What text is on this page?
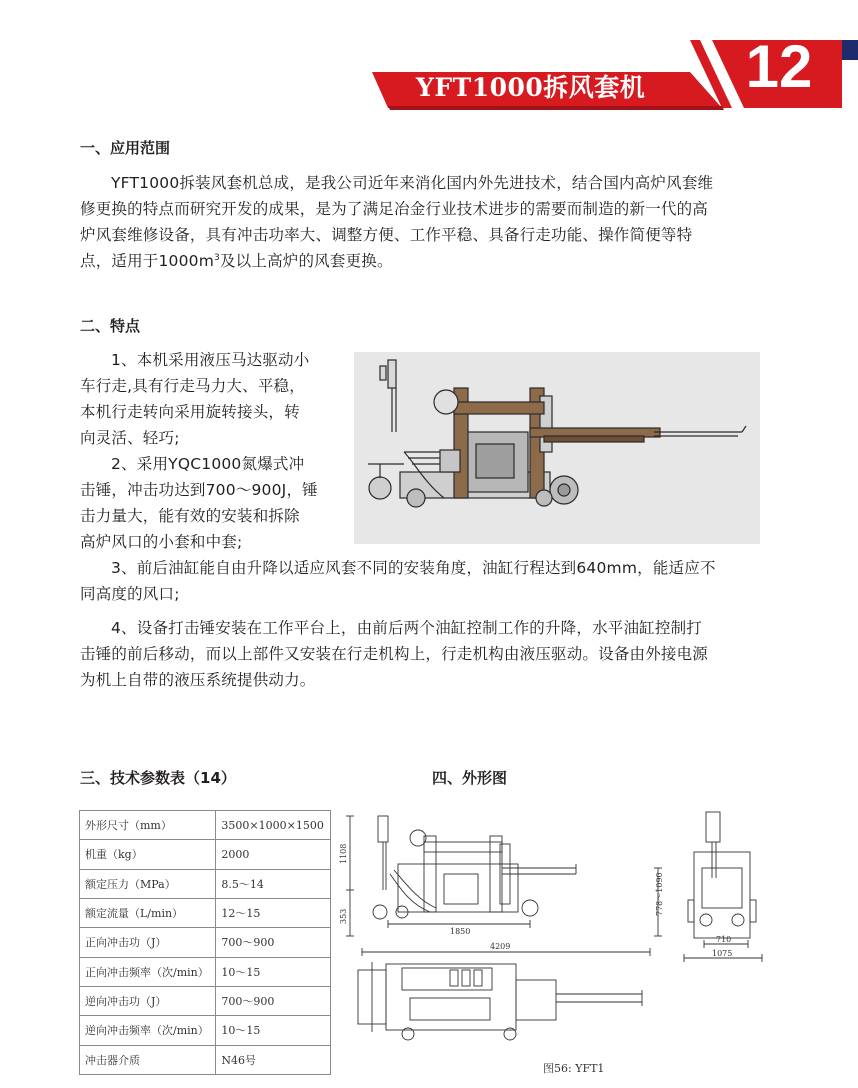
YFT1000拆风套机	12
一、应用范围
YFT1000拆装风套机总成，是我公司近年来消化国内外先进技术，结合国内高炉风套维
修更换的特点而研究开发的成果，是为了满足冶金行业技术进步的需要而制造的新一代的高
炉风套维修设备，具有冲击功率大、调整方便、工作平稳、具备行走功能、操作简便等特
点，适用于$1000m^3$及以上高炉的风套更换。
二、特点
1、本机采用液压马达驱动小
车行走,具有行走马力大、平稳，
本机行走转向采用旋转接头，转
向灵活、轻巧;
2、采用YQC1000氮爆式冲
击锤，冲击功达到700～900J，锤
击力量大，能有效的安装和拆除
高炉风口的小套和中套;
3、前后油缸能自由升降以适应风套不同的安装角度，油缸行程达到640mm，能适应不
同高度的风口;
4、设备打击锤安装在工作平台上，由前后两个油缸控制工作的升降，水平油缸控制打
击锤的前后移动，而以上部件又安装在行走机构上，行走机构由液压驱动。设备由外接电源
为机上自带的液压系统提供动力。
三、技术参数表（14）
外形尺寸（mm）	3500×1000×1500
机重（kg）	2000
额定压力（MPa）	8.5～14
额定流量（L/min）	12～15
正向冲击功（J）	700～900
正向冲击频率（次/min）	10～15
逆向冲击功（J）	700～900
逆向冲击频率（次/min）	10～15
冲击器介质	N46号
四、外形图
1108
353
1850
778～1090
710
1075
4209
图56: YFT1
